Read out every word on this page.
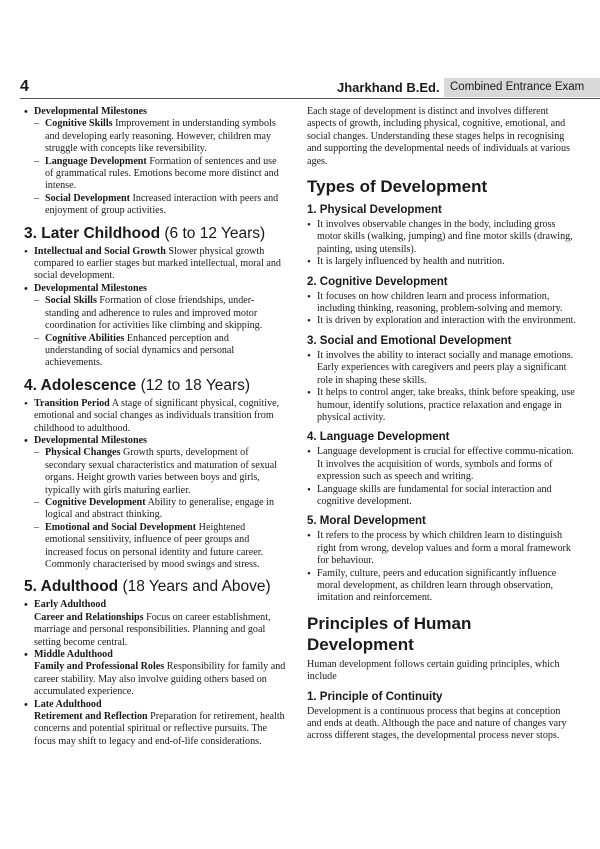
4	Jharkhand B.Ed. Combined Entrance Exam

• Developmental Milestones

– Cognitive Skills Improvement in understanding symbols and developing early reasoning. However, children may struggle with concepts like reversibility.

– Language Development Formation of sentences and use of grammatical rules. Emotions become more distinct and intense.

– Social Development Increased interaction with peers and enjoyment of group activities.

3. Later Childhood (6 to 12 Years)

• Intellectual and Social Growth Slower physical growth compared to earlier stages but marked intellectual, moral and social development.

• Developmental Milestones

– Social Skills Formation of close friendships, under-standing and adherence to rules and improved motor coordination for activities like climbing and skipping.

– Cognitive Abilities Enhanced perception and understanding of social dynamics and personal achievements.

4. Adolescence (12 to 18 Years)

• Transition Period A stage of significant physical, cognitive, emotional and social changes as individuals transition from childhood to adulthood.

• Developmental Milestones

– Physical Changes Growth spurts, development of secondary sexual characteristics and maturation of sexual organs. Height growth varies between boys and girls, typically with girls maturing earlier.

– Cognitive Development Ability to generalise, engage in logical and abstract thinking.

– Emotional and Social Development Heightened emotional sensitivity, influence of peer groups and increased focus on personal identity and future career. Commonly characterised by mood swings and stress.

5. Adulthood (18 Years and Above)

• Early Adulthood

Career and Relationships Focus on career establishment, marriage and personal responsibilities. Planning and goal setting become central.

• Middle Adulthood

Family and Professional Roles Responsibility for family and career stability. May also involve guiding others based on accumulated experience.

• Late Adulthood

Retirement and Reflection Preparation for retirement, health concerns and potential spiritual or reflective pursuits. The focus may shift to legacy and end-of-life considerations.

Each stage of development is distinct and involves different aspects of growth, including physical, cognitive, emotional, and social changes. Understanding these stages helps in recognising and supporting the developmental needs of individuals at various ages.

Types of Development
1. Physical Development

• It involves observable changes in the body, including gross motor skills (walking, jumping) and fine motor skills (drawing, painting, using utensils).

• It is largely influenced by health and nutrition.

2. Cognitive Development

• It focuses on how children learn and process information, including thinking, reasoning, problem-solving and memory.

• It is driven by exploration and interaction with the environment.

3. Social and Emotional Development

• It involves the ability to interact socially and manage emotions. Early experiences with caregivers and peers play a significant role in shaping these skills.

• It helps to control anger, take breaks, think before speaking, use humour, identify solutions, practice relaxation and engage in physical activity.

4. Language Development

• Language development is crucial for effective commu-nication. It involves the acquisition of words, symbols and forms of expression such as speech and writing.

• Language skills are fundamental for social interaction and cognitive development.

5. Moral Development

• It refers to the process by which children learn to distinguish right from wrong, develop values and form a moral framework for behaviour.

• Family, culture, peers and education significantly influence moral development, as children learn through observation, imitation and reinforcement.

Principles of Human Development

Human development follows certain guiding principles, which include

1. Principle of Continuity

Development is a continuous process that begins at conception and ends at death. Although the pace and nature of changes vary across different stages, the developmental process never stops.
